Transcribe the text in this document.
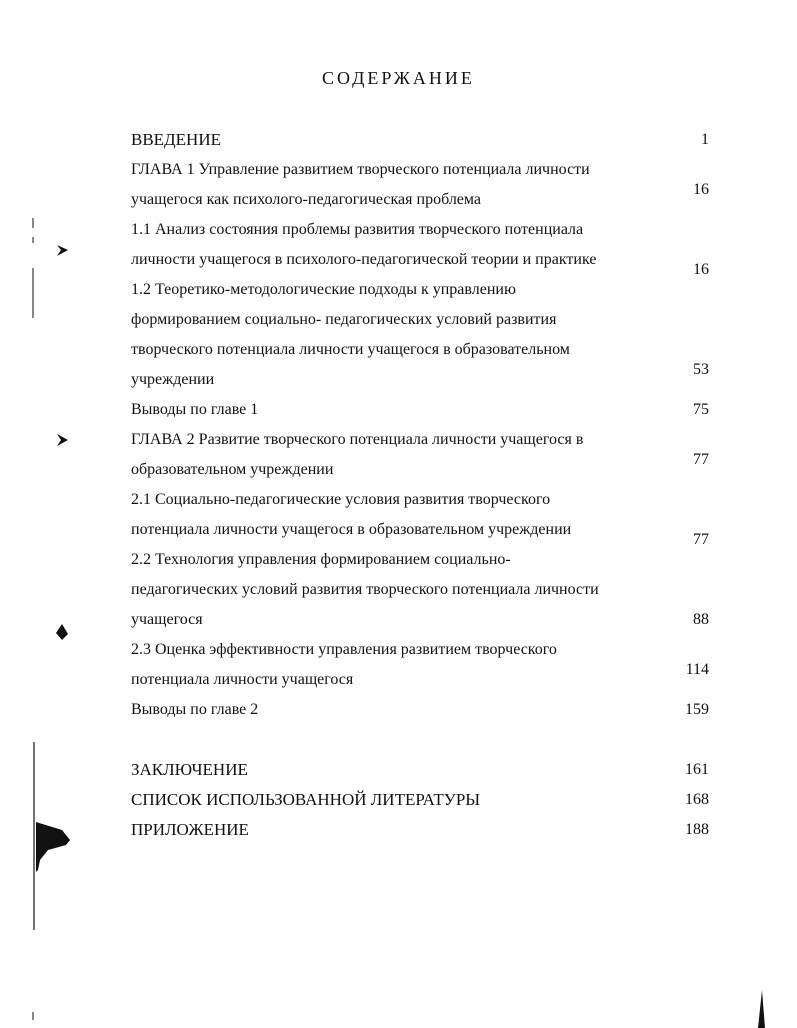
СОДЕРЖАНИЕ
ВВЕДЕНИЕ	1
ГЛАВА 1 Управление развитием творческого потенциала личности
учащегося как психолого-педагогическая проблема
16
1.1 Анализ состояния проблемы развития творческого потенциала
личности учащегося в психолого-педагогической теории и практике
16
1.2 Теоретико-методологические подходы к управлению
формированием социально- педагогических условий развития
творческого потенциала личности учащегося в образовательном
учреждении
53
Выводы по главе 1	75
ГЛАВА 2 Развитие творческого потенциала личности учащегося в
образовательном учреждении
77
2.1 Социально-педагогические условия развития творческого
потенциала личности учащегося в образовательном учреждении
77
2.2 Технология управления формированием социально-
педагогических условий развития творческого потенциала личности
учащегося	88
2.3 Оценка эффективности управления развитием творческого
потенциала личности учащегося
114
Выводы по главе 2	159
ЗАКЛЮЧЕНИЕ	161
СПИСОК ИСПОЛЬЗОВАННОЙ ЛИТЕРАТУРЫ	168
ПРИЛОЖЕНИЕ	188
